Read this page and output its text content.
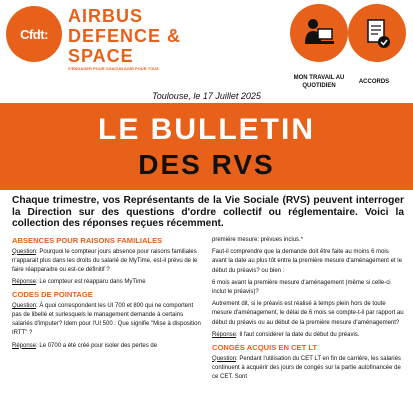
Cfdt:
AIRBUS
DEFENCE & SPACE
S'ENGAGER POUR CHACUN AGIR POUR TOUS
MON TRAVAIL AU QUOTIDIEN
ACCORDS
Toulouse, le 17 Juillet 2025
LE BULLETIN
DES RVS
Chaque trimestre, vos Représentants de la Vie Sociale (RVS) peuvent interroger la Direction sur des questions d'ordre collectif ou réglementaire. Voici la collection des réponses reçues récemment.
ABSENCES POUR RAISONS FAMILIALES

Question: Pourquoi le compteur jours absence pour raisons familiales n'apparait plus dans les droits du salarié de MyTime, est-il prévu de le faire réapparaitre ou est-ce définitif ?

Réponse: Le compteur est réapparu dans MyTime

CODES DE POINTAGE

Question: À quoi correspondent les UI 700 et 800 qui ne comportent pas de libellé et surlesquels le management demande à certains salariés d'imputer? Idem pour l'UI 500 : Que signifie "Mise à disposition IRTT" ?

Réponse: Le 0700 a été créé pour isoler des pertes de

première mesure: prévues inclus.*

Faut-il comprendre que la demande doit être faite au moins 6 mois avant la date au plus tôt entre la première mesure d'aménagement et le début du préavis? ou bien :

6 mois avant la première mesure d'aménagement (même si celle-ci inclut le préavis)?

Autrement dit, si le préavis est réalisé à temps plein hors de toute mesure d'aménagement, le délai de 6 mois se compte-t-il par rapport au début du préavis ou au début de la première mesure d'aménagement?

Réponse: Il faut considérer la date du début du préavis.

CONGÉS ACQUIS EN CET LT

Question: Pendant l'utilisation du CET LT en fin de carrière, les salariés continuent à acquérir des jours de congés sur la partie autofinancée de ce CET. Sont
